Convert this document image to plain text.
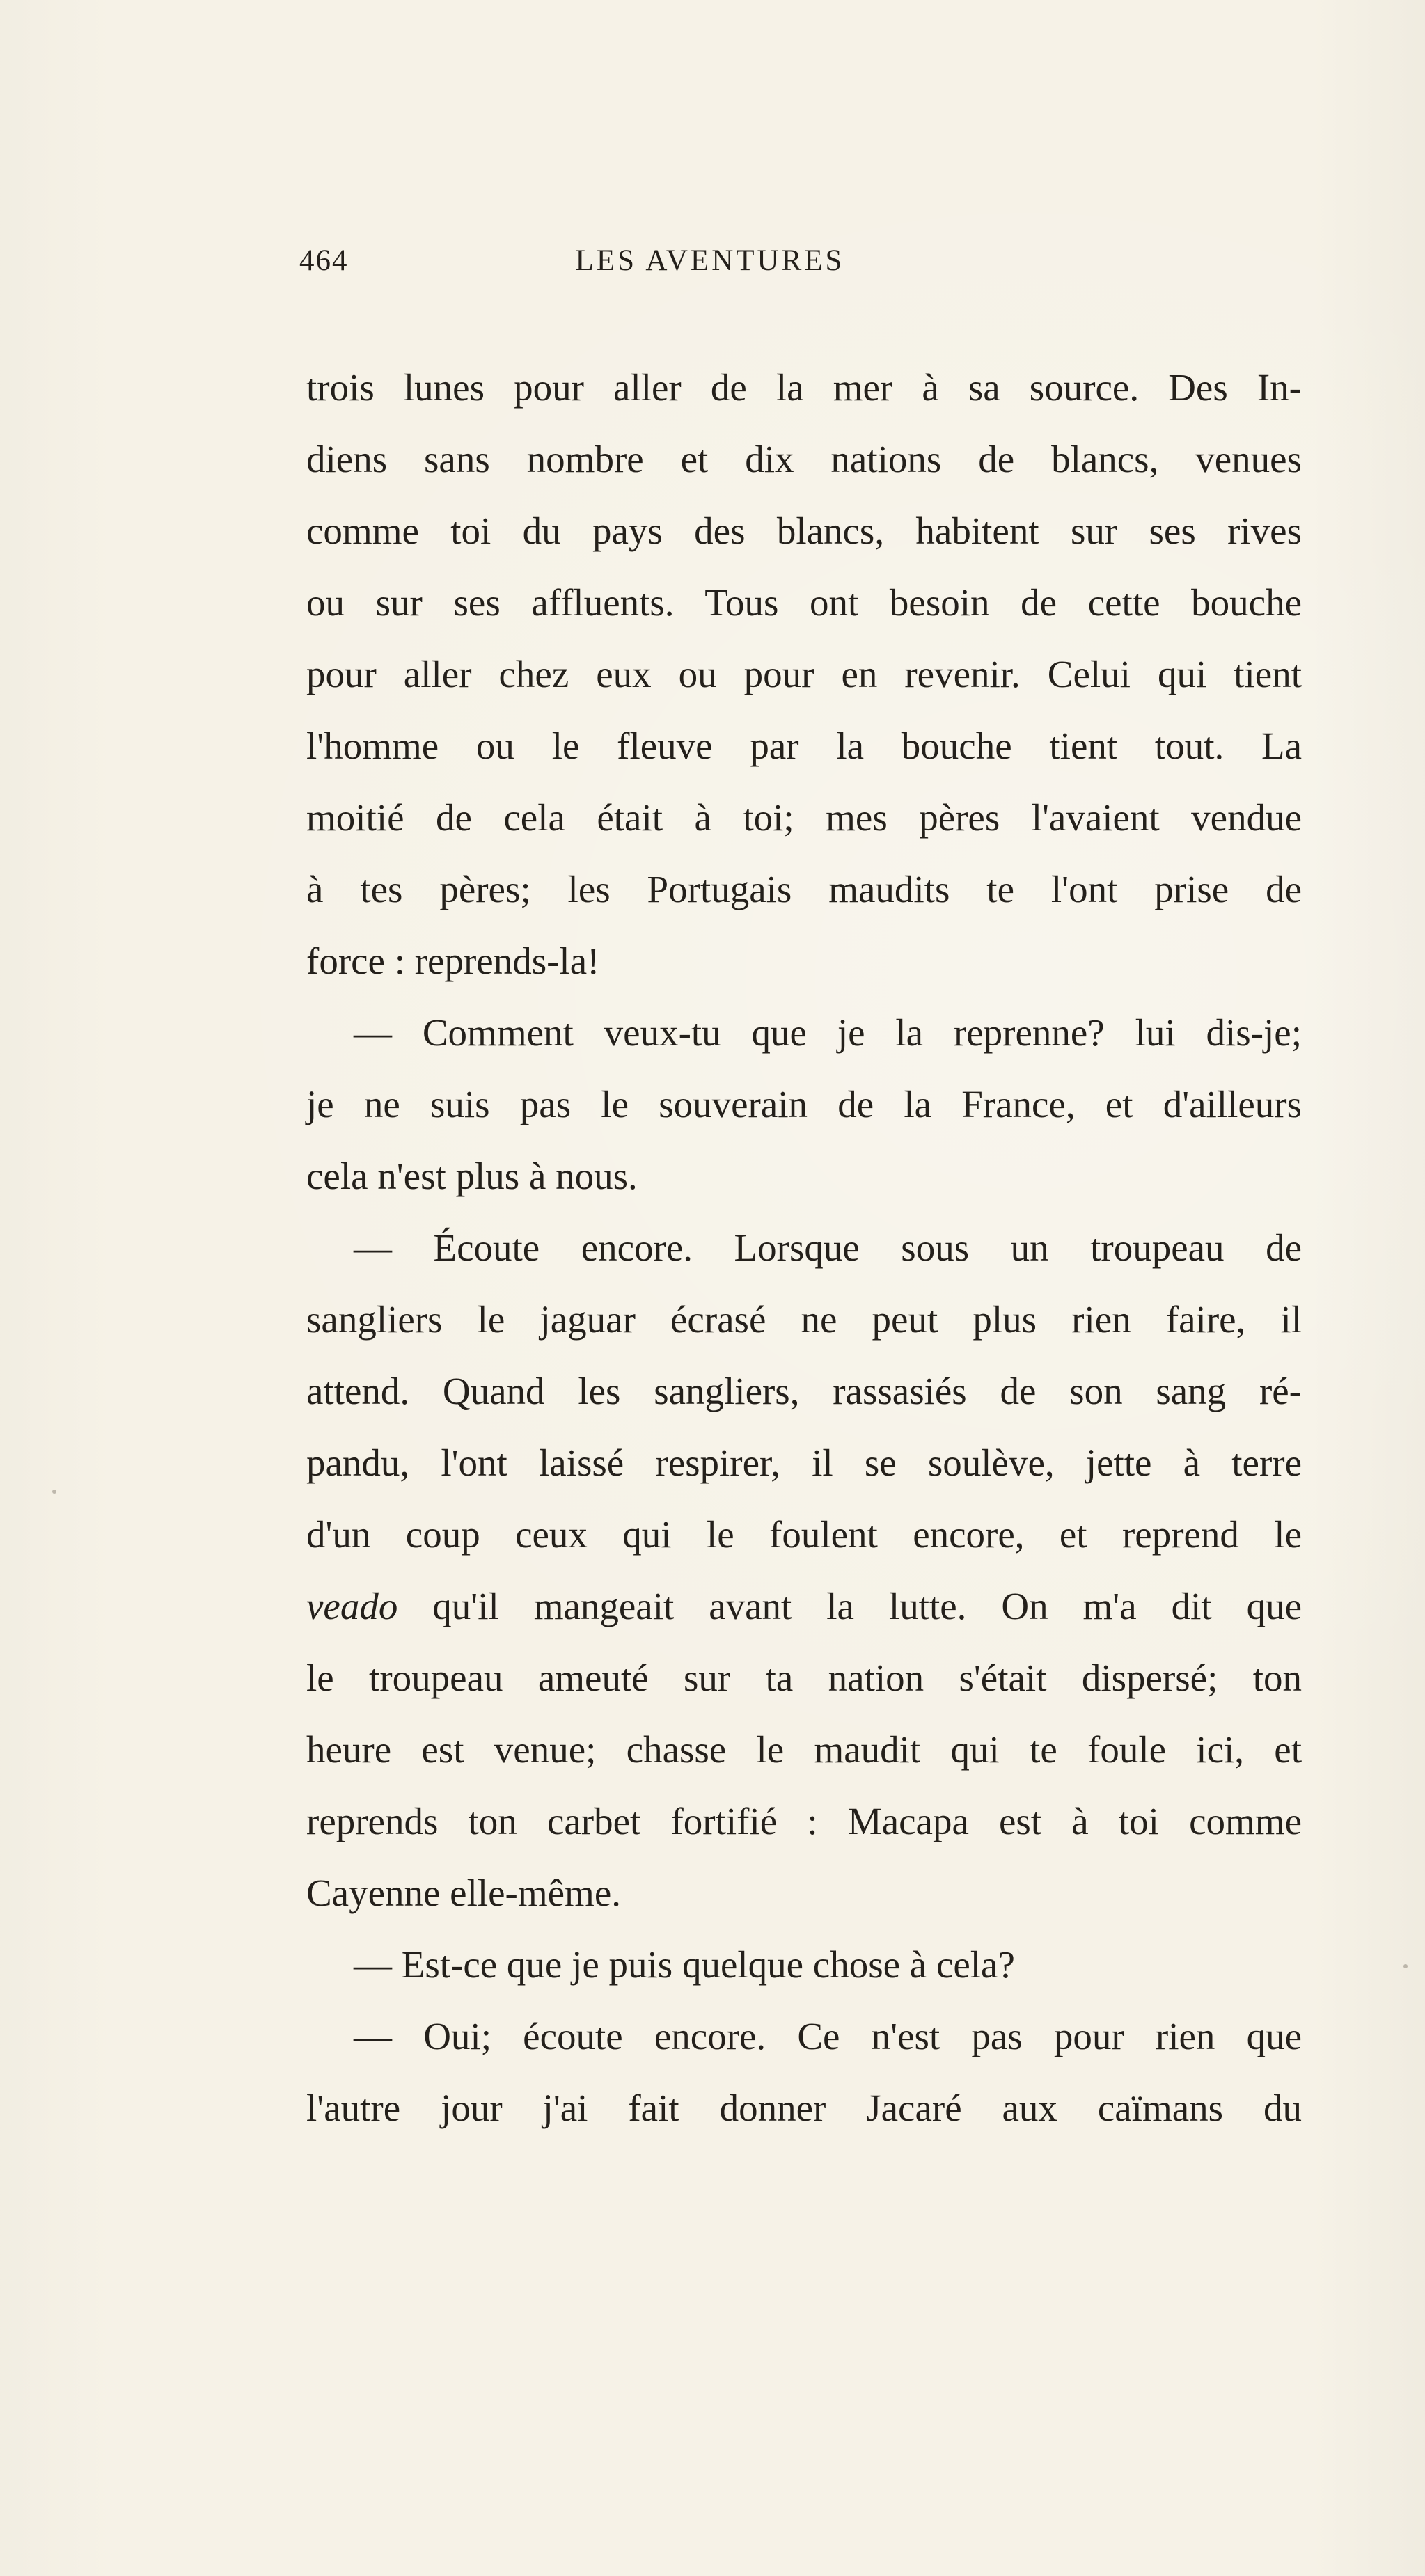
464	LES AVENTURES
trois lunes pour aller de la mer à sa source. Des In-
diens sans nombre et dix nations de blancs, venues
comme toi du pays des blancs, habitent sur ses rives
ou sur ses affluents. Tous ont besoin de cette bouche
pour aller chez eux ou pour en revenir. Celui qui tient
l'homme ou le fleuve par la bouche tient tout. La
moitié de cela était à toi; mes pères l'avaient vendue
à tes pères; les Portugais maudits te l'ont prise de
force : reprends-la!
— Comment veux-tu que je la reprenne? lui dis-je;
je ne suis pas le souverain de la France, et d'ailleurs
cela n'est plus à nous.
— Écoute encore. Lorsque sous un troupeau de
sangliers le jaguar écrasé ne peut plus rien faire, il
attend. Quand les sangliers, rassasiés de son sang ré-
pandu, l'ont laissé respirer, il se soulève, jette à terre
d'un coup ceux qui le foulent encore, et reprend le
veado qu'il mangeait avant la lutte. On m'a dit que
le troupeau ameuté sur ta nation s'était dispersé; ton
heure est venue; chasse le maudit qui te foule ici, et
reprends ton carbet fortifié : Macapa est à toi comme
Cayenne elle-même.
— Est-ce que je puis quelque chose à cela?
— Oui; écoute encore. Ce n'est pas pour rien que
l'autre jour j'ai fait donner Jacaré aux caïmans du
